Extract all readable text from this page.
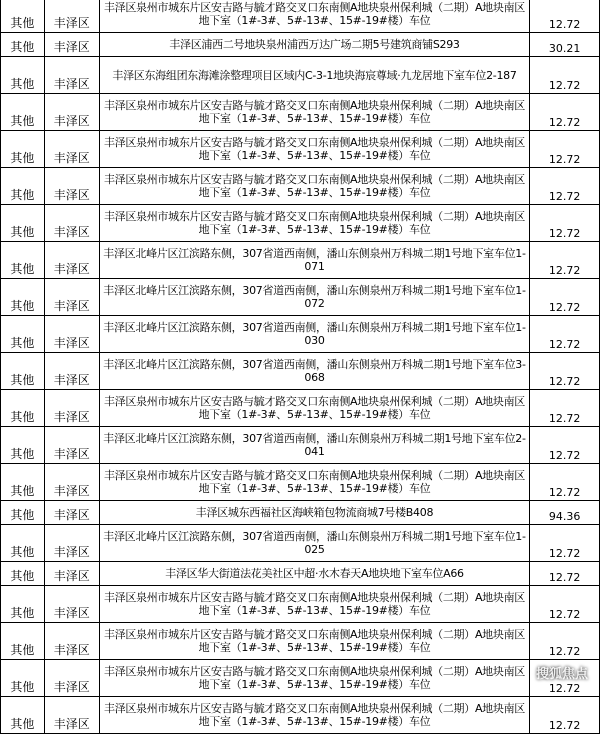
其他	丰泽区	丰泽区泉州市城东片区安吉路与毓才路交叉口东南侧A地块泉州保利城（二期）A地块南区地下室（1#-3#、5#-13#、15#-19#楼）车位	12.72
其他	丰泽区	丰泽区浦西二号地块泉州浦西万达广场二期5号建筑商铺S293	30.21
其他	丰泽区	丰泽区东海组团东海滩涂整理项目区域内C-3-1地块海宸尊域·九龙居地下室车位2-187	12.72
其他	丰泽区	丰泽区泉州市城东片区安吉路与毓才路交叉口东南侧A地块泉州保利城（二期）A地块南区地下室（1#-3#、5#-13#、15#-19#楼）车位	12.72
其他	丰泽区	丰泽区泉州市城东片区安吉路与毓才路交叉口东南侧A地块泉州保利城（二期）A地块南区地下室（1#-3#、5#-13#、15#-19#楼）车位	12.72
其他	丰泽区	丰泽区泉州市城东片区安吉路与毓才路交叉口东南侧A地块泉州保利城（二期）A地块南区地下室（1#-3#、5#-13#、15#-19#楼）车位	12.72
其他	丰泽区	丰泽区泉州市城东片区安吉路与毓才路交叉口东南侧A地块泉州保利城（二期）A地块南区地下室（1#-3#、5#-13#、15#-19#楼）车位	12.72
其他	丰泽区	丰泽区北峰片区江滨路东侧，307省道西南侧，潘山东侧泉州万科城二期1号地下室车位1-071	12.72
其他	丰泽区	丰泽区北峰片区江滨路东侧，307省道西南侧，潘山东侧泉州万科城二期1号地下室车位1-072	12.72
其他	丰泽区	丰泽区北峰片区江滨路东侧，307省道西南侧，潘山东侧泉州万科城二期1号地下室车位1-030	12.72
其他	丰泽区	丰泽区北峰片区江滨路东侧，307省道西南侧，潘山东侧泉州万科城二期1号地下室车位3-068	12.72
其他	丰泽区	丰泽区泉州市城东片区安吉路与毓才路交叉口东南侧A地块泉州保利城（二期）A地块南区地下室（1#-3#、5#-13#、15#-19#楼）车位	12.72
其他	丰泽区	丰泽区北峰片区江滨路东侧，307省道西南侧，潘山东侧泉州万科城二期1号地下室车位2-041	12.72
其他	丰泽区	丰泽区泉州市城东片区安吉路与毓才路交叉口东南侧A地块泉州保利城（二期）A地块南区地下室（1#-3#、5#-13#、15#-19#楼）车位	12.72
其他	丰泽区	丰泽区城东西福社区海峡箱包物流商城7号楼B408	94.36
其他	丰泽区	丰泽区北峰片区江滨路东侧，307省道西南侧，潘山东侧泉州万科城二期1号地下室车位1-025	12.72
其他	丰泽区	丰泽区华大街道法花美社区中超·水木春天A地块地下室车位A66	12.72
其他	丰泽区	丰泽区泉州市城东片区安吉路与毓才路交叉口东南侧A地块泉州保利城（二期）A地块南区地下室（1#-3#、5#-13#、15#-19#楼）车位	12.72
其他	丰泽区	丰泽区泉州市城东片区安吉路与毓才路交叉口东南侧A地块泉州保利城（二期）A地块南区地下室（1#-3#、5#-13#、15#-19#楼）车位	12.72
其他	丰泽区	丰泽区泉州市城东片区安吉路与毓才路交叉口东南侧A地块泉州保利城（二期）A地块南区地下室（1#-3#、5#-13#、15#-19#楼）车位	12.72
其他	丰泽区	丰泽区泉州市城东片区安吉路与毓才路交叉口东南侧A地块泉州保利城（二期）A地块南区地下室（1#-3#、5#-13#、15#-19#楼）车位	12.72
搜狐焦点
